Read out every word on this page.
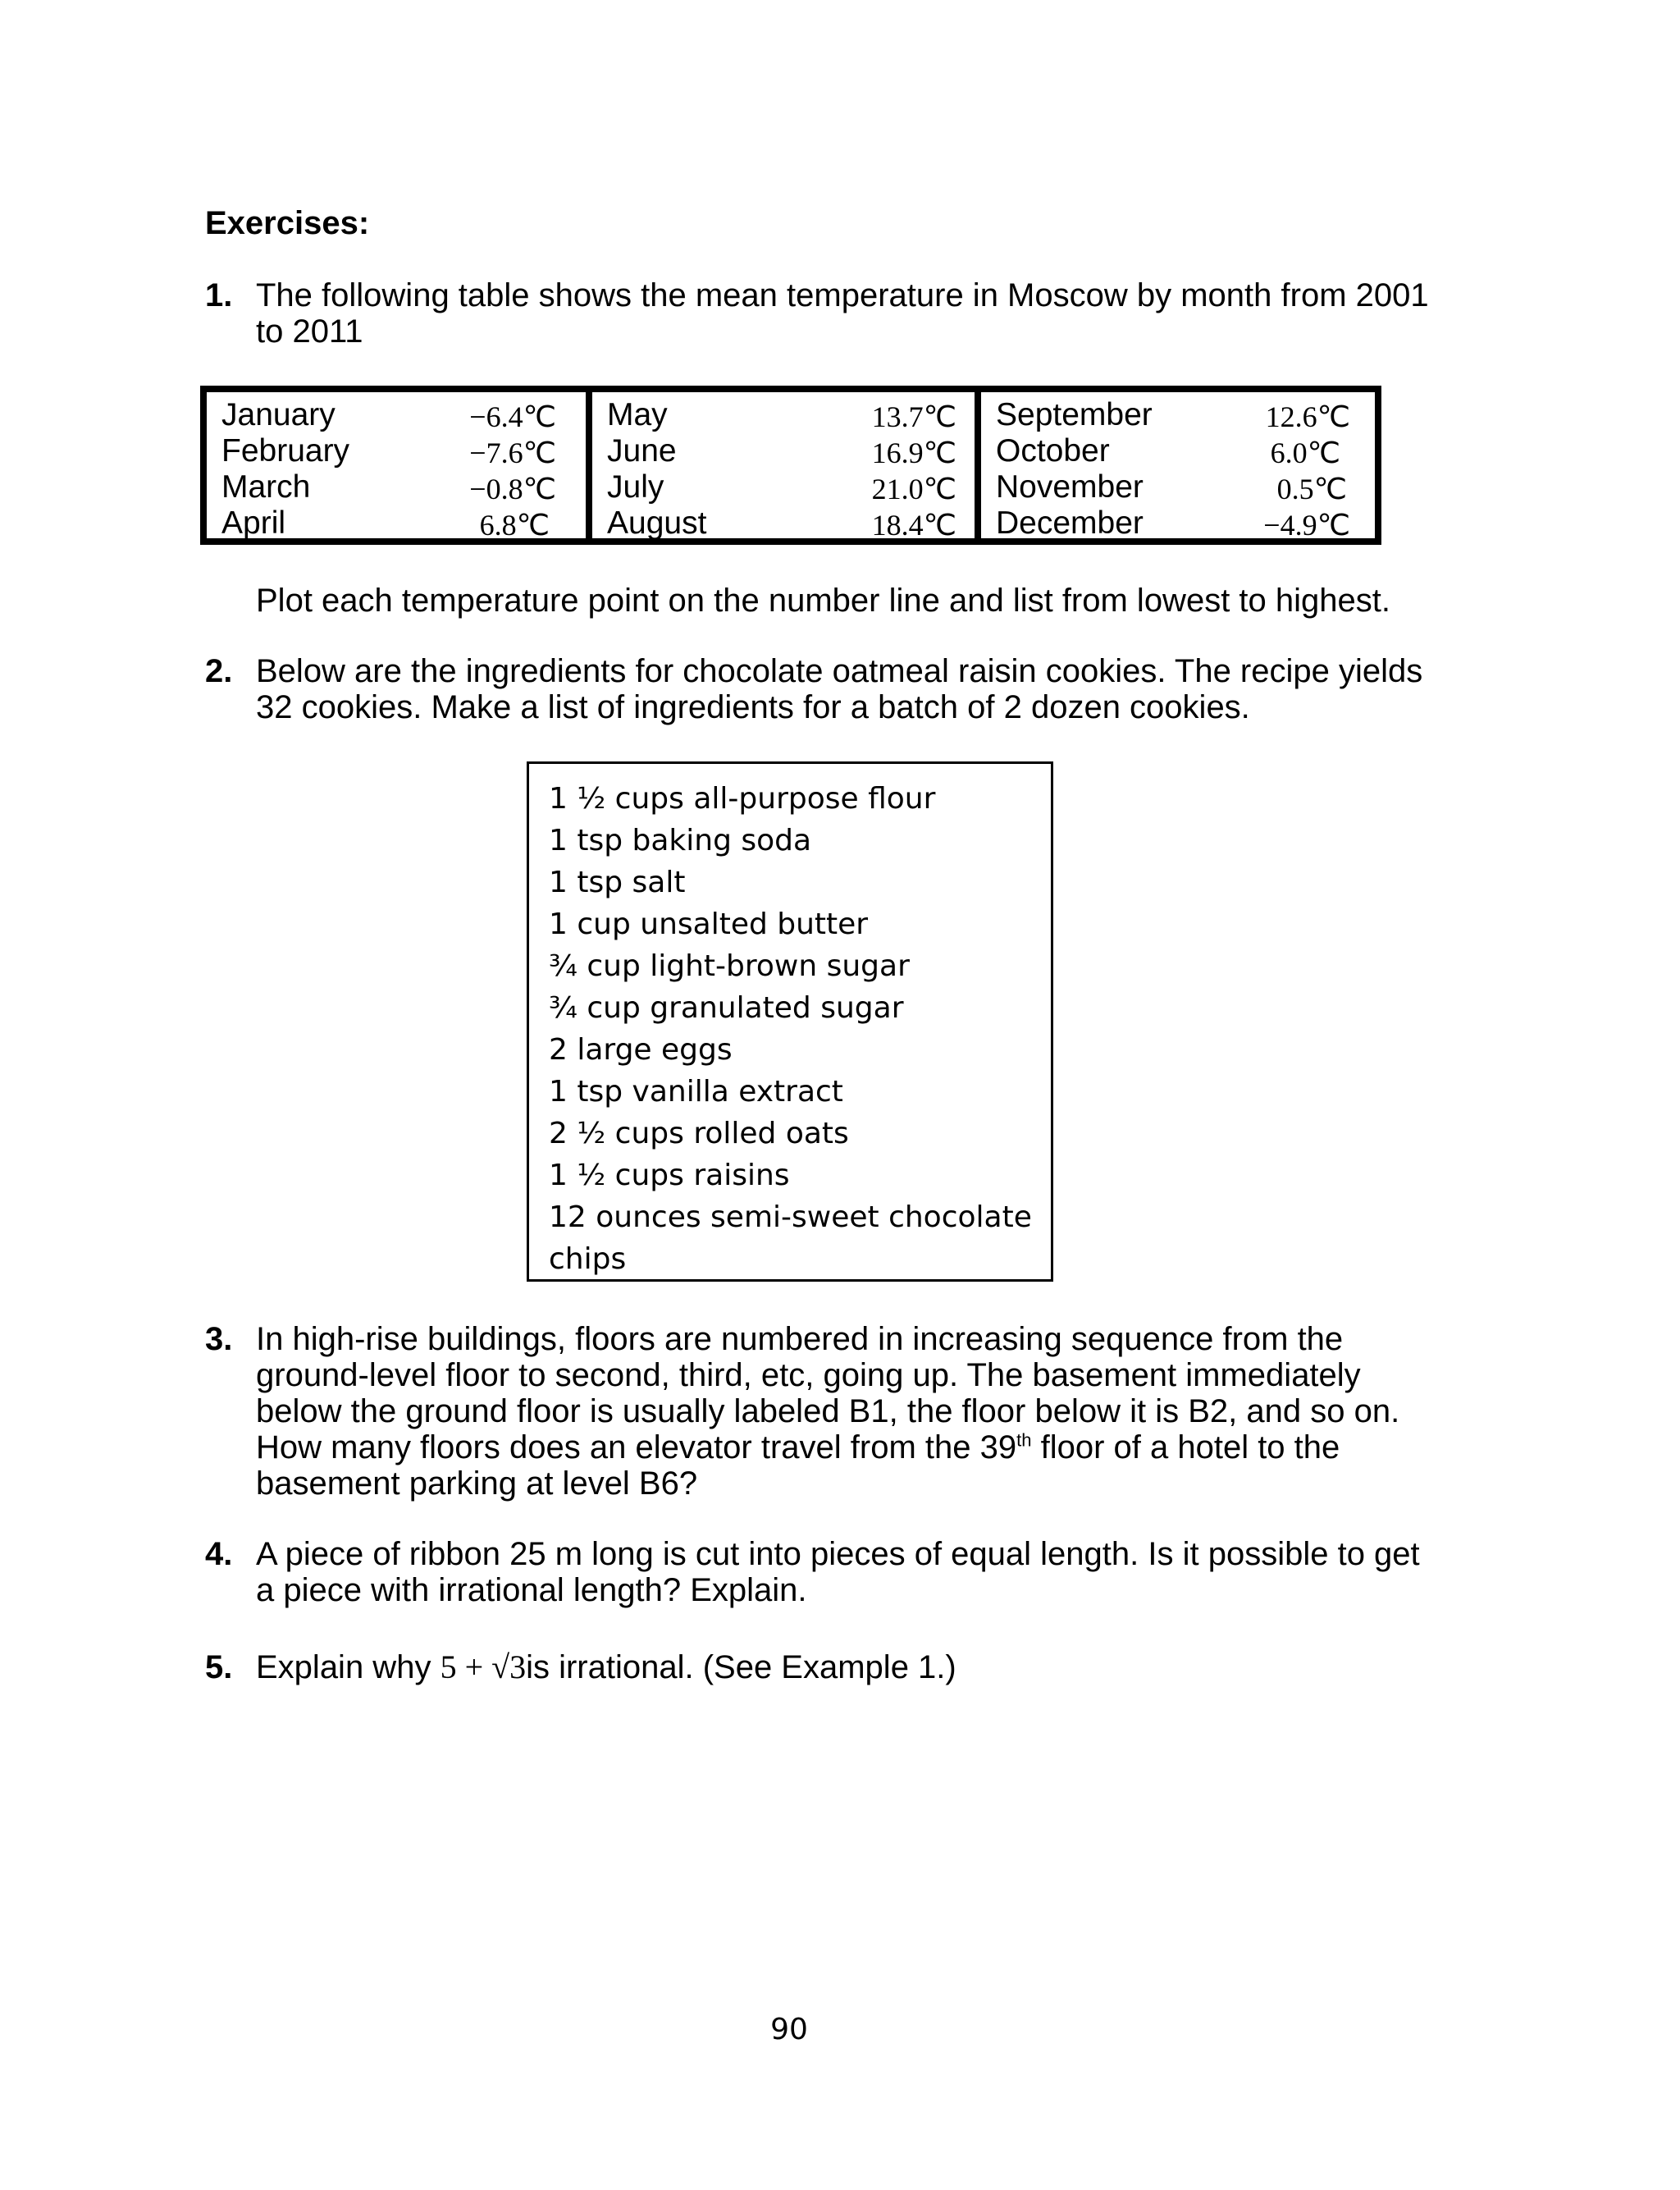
Exercises:
1. The following table shows the mean temperature in Moscow by month from 2001
to 2011
January	−6.4℃
February	−7.6℃
March	−0.8℃
April	6.8℃
May	13.7℃
June	16.9℃
July	21.0℃
August	18.4℃
September	12.6℃
October	6.0℃
November	0.5℃
December	−4.9℃
Plot each temperature point on the number line and list from lowest to highest.
2. Below are the ingredients for chocolate oatmeal raisin cookies. The recipe yields
32 cookies. Make a list of ingredients for a batch of 2 dozen cookies.
1 ½ cups all-purpose flour
1 tsp baking soda
1 tsp salt
1 cup unsalted butter
¾ cup light-brown sugar
¾ cup granulated sugar
2 large eggs
1 tsp vanilla extract
2 ½ cups rolled oats
1 ½ cups raisins
12 ounces semi-sweet chocolate
chips
3. In high-rise buildings, floors are numbered in increasing sequence from the
ground-level floor to second, third, etc, going up. The basement immediately
below the ground floor is usually labeled B1, the floor below it is B2, and so on.
How many floors does an elevator travel from the 39th floor of a hotel to the
basement parking at level B6?
4. A piece of ribbon 25 m long is cut into pieces of equal length. Is it possible to get
a piece with irrational length? Explain.
5. Explain why 5 + √3is irrational. (See Example 1.)
90
